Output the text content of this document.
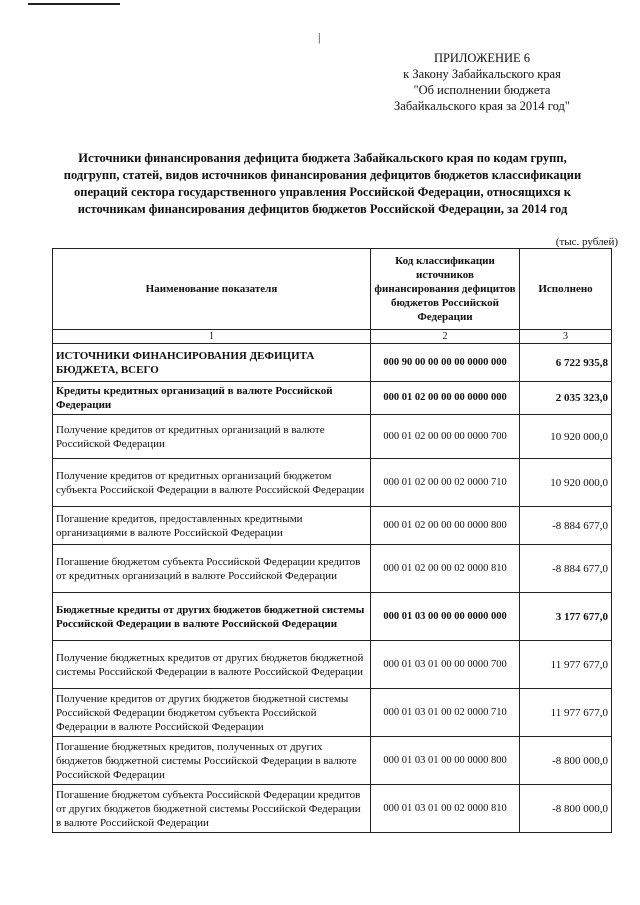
|
ПРИЛОЖЕНИЕ 6
к Закону Забайкальского края
"Об исполнении бюджета
Забайкальского края за 2014 год"
Источники финансирования дефицита бюджета Забайкальского края по кодам групп,
подгрупп, статей, видов источников финансирования дефицитов бюджетов классификации
операций сектора государственного управления Российской Федерации, относящихся к
источникам финансирования дефицитов бюджетов Российской Федерации, за 2014 год
(тыс. рублей)
Наименование показателя	Код классификации источников финансирования дефицитов бюджетов Российской Федерации	Исполнено
1	2	3
ИСТОЧНИКИ ФИНАНСИРОВАНИЯ ДЕФИЦИТА БЮДЖЕТА, ВСЕГО	000 90 00 00 00 00 0000 000	6 722 935,8
Кредиты кредитных организаций в валюте Российской Федерации	000 01 02 00 00 00 0000 000	2 035 323,0
Получение кредитов от кредитных организаций в валюте Российской Федерации	000 01 02 00 00 00 0000 700	10 920 000,0
Получение кредитов от кредитных организаций бюджетом субъекта Российской Федерации в валюте Российской Федерации	000 01 02 00 00 02 0000 710	10 920 000,0
Погашение кредитов, предоставленных кредитными организациями в валюте Российской Федерации	000 01 02 00 00 00 0000 800	-8 884 677,0
Погашение бюджетом субъекта Российской Федерации кредитов от кредитных организаций в валюте Российской Федерации	000 01 02 00 00 02 0000 810	-8 884 677,0
Бюджетные кредиты от других бюджетов бюджетной системы Российской Федерации в валюте Российской Федерации	000 01 03 00 00 00 0000 000	3 177 677,0
Получение бюджетных кредитов от других бюджетов бюджетной системы Российской Федерации в валюте Российской Федерации	000 01 03 01 00 00 0000 700	11 977 677,0
Получение кредитов от других бюджетов бюджетной системы Российской Федерации бюджетом субъекта Российской Федерации в валюте Российской Федерации	000 01 03 01 00 02 0000 710	11 977 677,0
Погашение бюджетных кредитов, полученных от других бюджетов бюджетной системы Российской Федерации в валюте Российской Федерации	000 01 03 01 00 00 0000 800	-8 800 000,0
Погашение бюджетом субъекта Российской Федерации кредитов от других бюджетов бюджетной системы Российской Федерации в валюте Российской Федерации	000 01 03 01 00 02 0000 810	-8 800 000,0
